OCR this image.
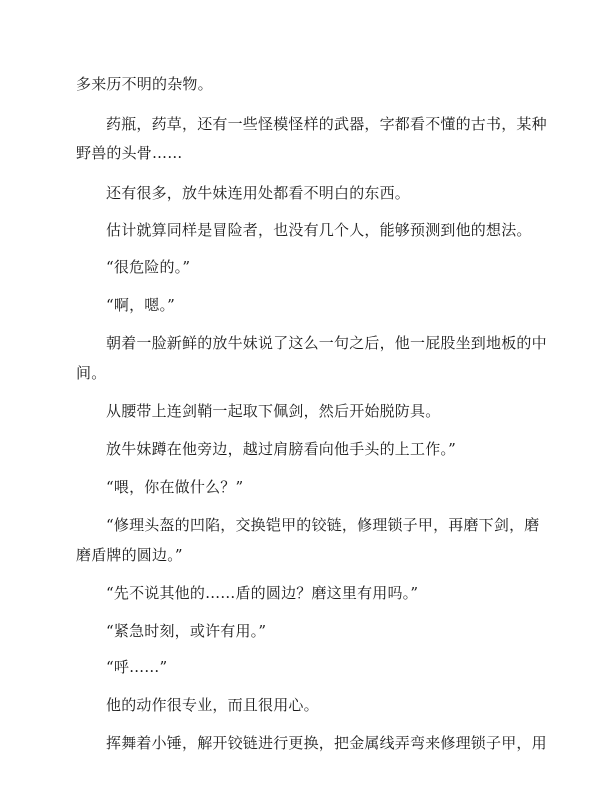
多来历不明的杂物。

药瓶，药草，还有一些怪模怪样的武器，字都看不懂的古书，某种

野兽的头骨……

还有很多，放牛妹连用处都看不明白的东西。

估计就算同样是冒险者，也没有几个人，能够预测到他的想法。

“很危险的。”

“啊，嗯。”

朝着一脸新鲜的放牛妹说了这么一句之后，他一屁股坐到地板的中

间。

从腰带上连剑鞘一起取下佩剑，然后开始脱防具。

放牛妹蹲在他旁边，越过肩膀看向他手头的上工作。”

“喂，你在做什么？”

“修理头盔的凹陷，交换铠甲的铰链，修理锁子甲，再磨下剑，磨

磨盾牌的圆边。”

“先不说其他的……盾的圆边？磨这里有用吗。”

“紧急时刻，或许有用。”

“呼……”

他的动作很专业，而且很用心。

挥舞着小锤，解开铰链进行更换，把金属线弄弯来修理锁子甲，用
